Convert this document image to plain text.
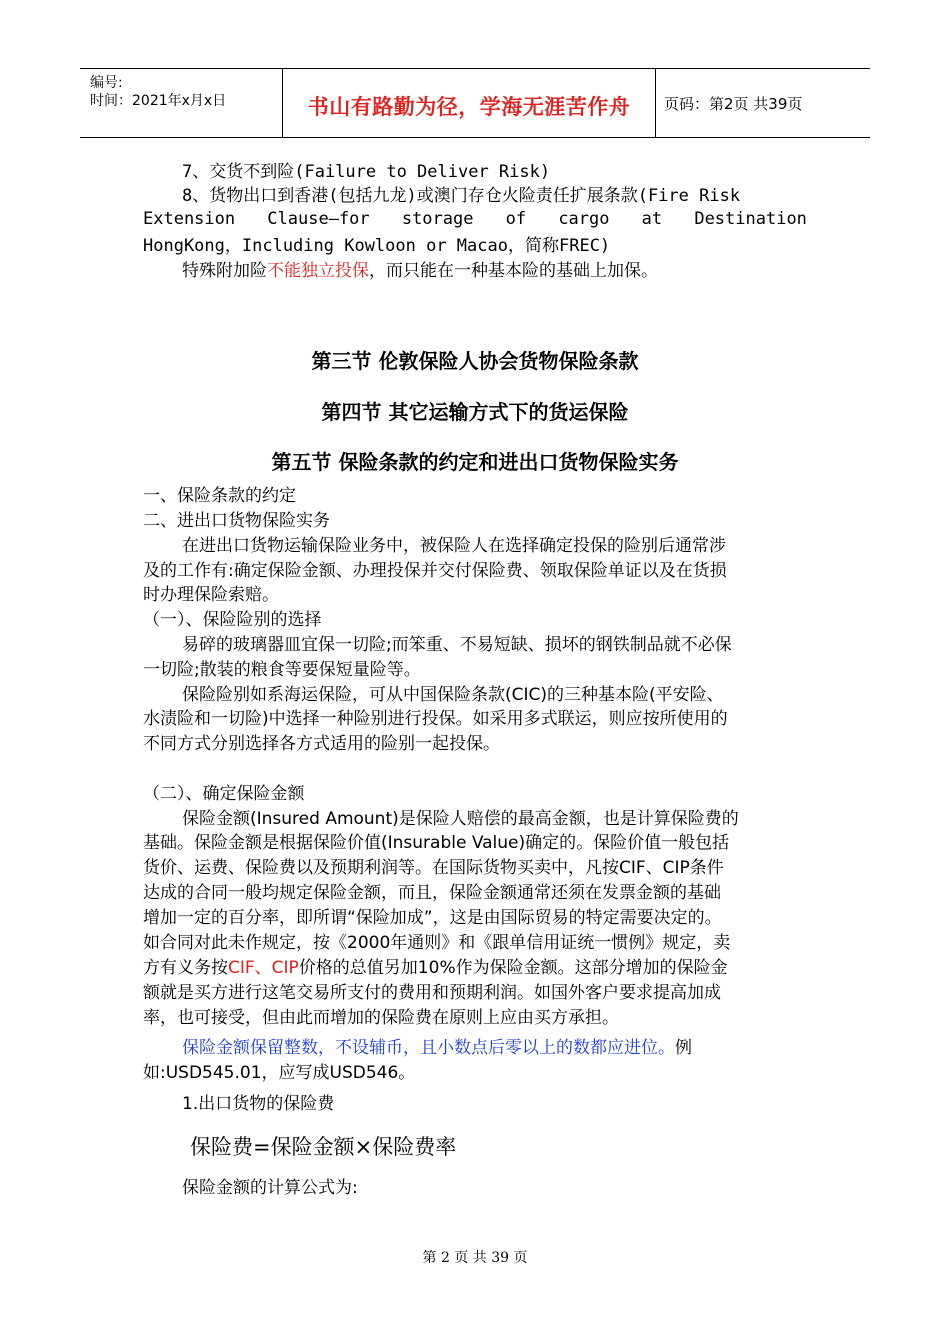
编号:
时间：2021年x月x日	书山有路勤为径，学海无涯苦作舟	页码：第2页 共39页
7、交货不到险(Failure to Deliver Risk)
8、货物出口到香港(包括九龙)或澳门存仓火险责任扩展条款(Fire Risk
Extension Clause—for storage of cargo at Destination
HongKong，Including Kowloon or Macao，简称FREC)
特殊附加险不能独立投保，而只能在一种基本险的基础上加保。
第三节 伦敦保险人协会货物保险条款
第四节 其它运输方式下的货运保险
第五节 保险条款的约定和进出口货物保险实务
一、保险条款的约定
二、进出口货物保险实务
在进出口货物运输保险业务中，被保险人在选择确定投保的险别后通常涉
及的工作有:确定保险金额、办理投保并交付保险费、领取保险单证以及在货损
时办理保险索赔。
（一）、保险险别的选择
易碎的玻璃器皿宜保一切险;而笨重、不易短缺、损坏的钢铁制品就不必保
一切险;散装的粮食等要保短量险等。
保险险别如系海运保险，可从中国保险条款(CIC)的三种基本险(平安险、
水渍险和一切险)中选择一种险别进行投保。如采用多式联运，则应按所使用的
不同方式分别选择各方式适用的险别一起投保。
（二）、确定保险金额
保险金额(Insured Amount)是保险人赔偿的最高金额，也是计算保险费的
基础。保险金额是根据保险价值(Insurable Value)确定的。保险价值一般包括
货价、运费、保险费以及预期利润等。在国际货物买卖中，凡按CIF、CIP条件
达成的合同一般均规定保险金额，而且，保险金额通常还须在发票金额的基础
增加一定的百分率，即所谓“保险加成”，这是由国际贸易的特定需要决定的。
如合同对此未作规定，按《2000年通则》和《跟单信用证统一惯例》规定，卖
方有义务按CIF、CIP价格的总值另加10%作为保险金额。这部分增加的保险金
额就是买方进行这笔交易所支付的费用和预期利润。如国外客户要求提高加成
率，也可接受，但由此而增加的保险费在原则上应由买方承担。
保险金额保留整数，不设辅币，且小数点后零以上的数都应进位。例
如:USD545.01，应写成USD546。
1.出口货物的保险费
保险费=保险金额×保险费率
保险金额的计算公式为:
第 2 页 共 39 页
